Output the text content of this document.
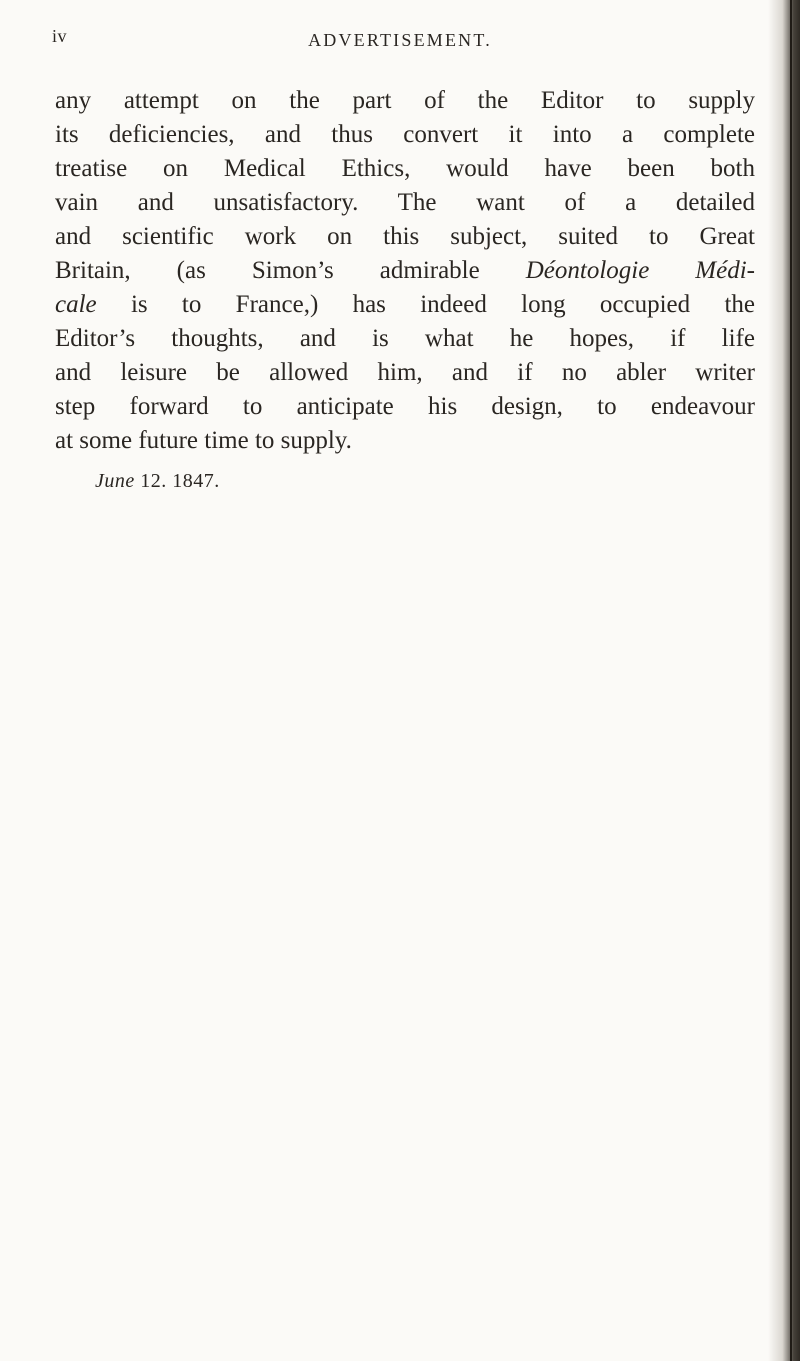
iv	ADVERTISEMENT.
any attempt on the part of the Editor to supply
its deficiencies, and thus convert it into a complete
treatise on Medical Ethics, would have been both
vain and unsatisfactory. The want of a detailed
and scientific work on this subject, suited to Great
Britain, (as Simon’s admirable Déontologie Médi-
cale is to France,) has indeed long occupied the
Editor’s thoughts, and is what he hopes, if life
and leisure be allowed him, and if no abler writer
step forward to anticipate his design, to endeavour
at some future time to supply.
June 12. 1847.
